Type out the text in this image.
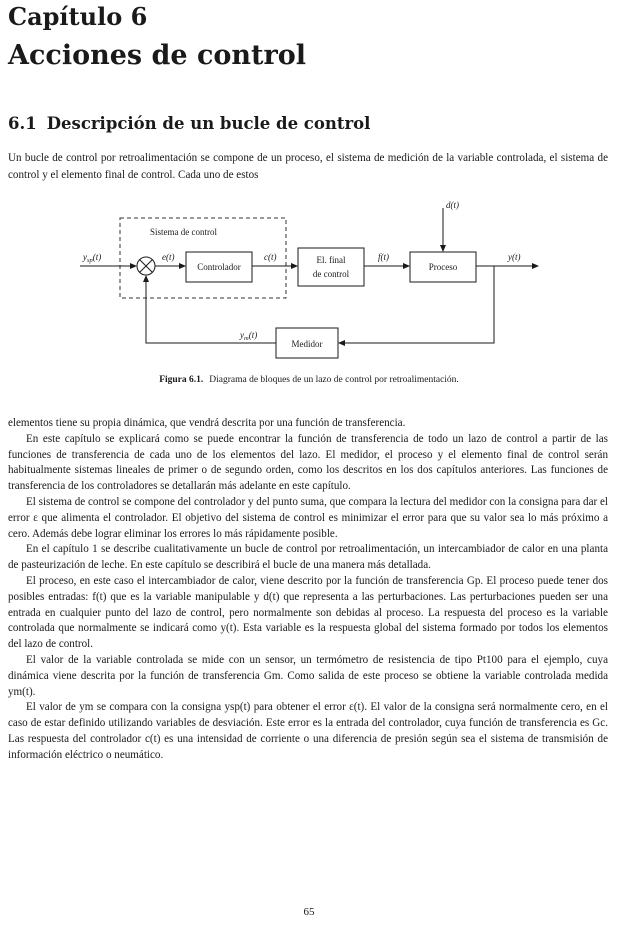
Capítulo 6
Acciones de control
6.1 Descripción de un bucle de control

Un bucle de control por retroalimentación se compone de un proceso, el sistema de medición de la variable controlada, el sistema de control y el elemento final de control. Cada uno de estos

Sistema de control
Controlador
El. final
de control
Proceso
Medidor
$y_{sp}(t)$	e(t)	c(t)	f(t)
d(t)
y(t)
$y_m(t)$

Figura 6.1. Diagrama de bloques de un lazo de control por retroalimentación.

elementos tiene su propia dinámica, que vendrá descrita por una función de transferencia.

En este capítulo se explicará como se puede encontrar la función de transferencia de todo un lazo de control a partir de las funciones de transferencia de cada uno de los elementos del lazo. El medidor, el proceso y el elemento final de control serán habitualmente sistemas lineales de primer o de segundo orden, como los descritos en los dos capítulos anteriores. Las funciones de transferencia de los controladores se detallarán más adelante en este capítulo.

El sistema de control se compone del controlador y del punto suma, que compara la lectura del medidor con la consigna para dar el error ε que alimenta el controlador. El objetivo del sistema de control es minimizar el error para que su valor sea lo más próximo a cero. Además debe lograr eliminar los errores lo más rápidamente posible.

En el capítulo 1 se describe cualitativamente un bucle de control por retroalimentación, un intercambiador de calor en una planta de pasteurización de leche. En este capítulo se describirá el bucle de una manera más detallada.

El proceso, en este caso el intercambiador de calor, viene descrito por la función de transferencia Gp. El proceso puede tener dos posibles entradas: f(t) que es la variable manipulable y d(t) que representa a las perturbaciones. Las perturbaciones pueden ser una entrada en cualquier punto del lazo de control, pero normalmente son debidas al proceso. La respuesta del proceso es la variable controlada que normalmente se indicará como y(t). Esta variable es la respuesta global del sistema formado por todos los elementos del lazo de control.

El valor de la variable controlada se mide con un sensor, un termómetro de resistencia de tipo Pt100 para el ejemplo, cuya dinámica viene descrita por la función de transferencia Gm. Como salida de este proceso se obtiene la variable controlada medida ym(t).

El valor de ym se compara con la consigna ysp(t) para obtener el error ε(t). El valor de la consigna será normalmente cero, en el caso de estar definido utilizando variables de desviación. Este error es la entrada del controlador, cuya función de transferencia es Gc. Las respuesta del controlador c(t) es una intensidad de corriente o una diferencia de presión según sea el sistema de transmisión de información eléctrico o neumático.

65
